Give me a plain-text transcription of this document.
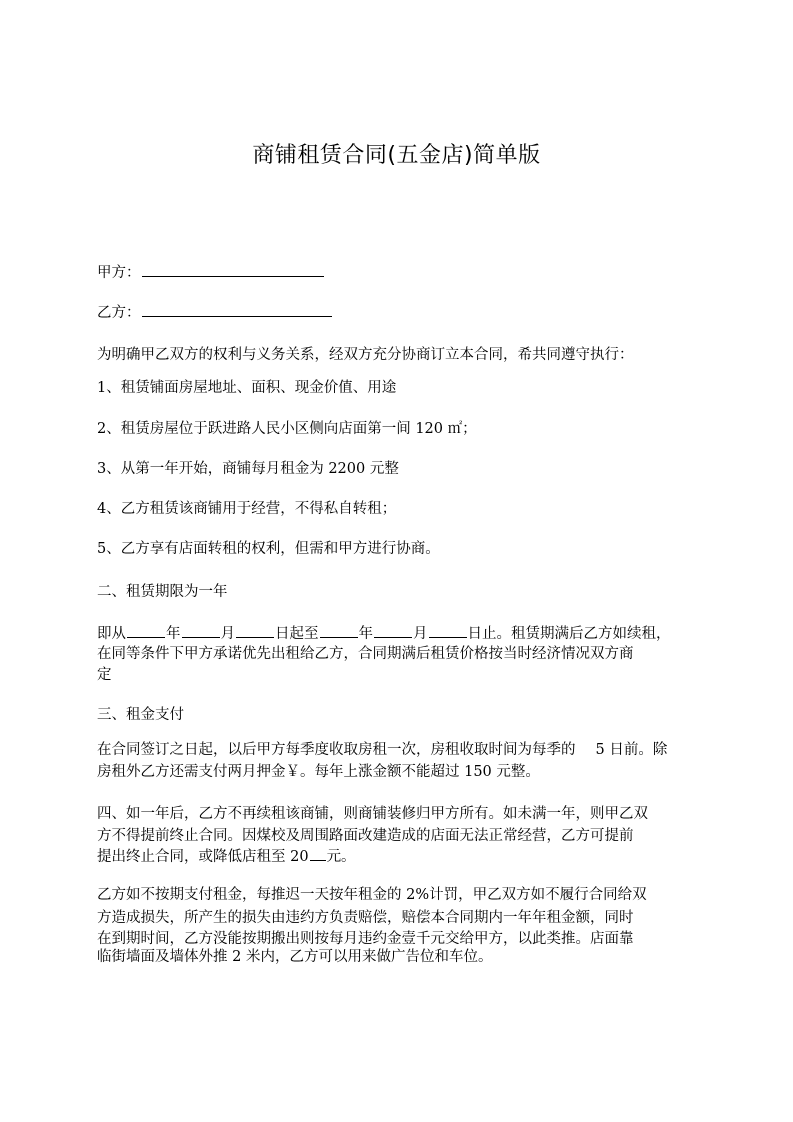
商铺租赁合同(五金店)简单版
甲方：
乙方：
为明确甲乙双方的权利与义务关系，经双方充分协商订立本合同，希共同遵守执行：
1、租赁铺面房屋地址、面积、现金价值、用途
2、租赁房屋位于跃进路人民小区侧向店面第一间 120 ㎡；
3、从第一年开始，商铺每月租金为 2200 元整
4、乙方租赁该商铺用于经营，不得私自转租；
5、乙方享有店面转租的权利，但需和甲方进行协商。
二、租赁期限为一年
即从	年	月	日起至	年	月	日止。租赁期满后乙方如续租，
在同等条件下甲方承诺优先出租给乙方，合同期满后租赁价格按当时经济情况双方商
定
三、租金支付
在合同签订之日起，以后甲方每季度收取房租一次，房租收取时间为每季的 5 日前。除
房租外乙方还需支付两月押金￥。每年上涨金额不能超过 150 元整。
四、如一年后，乙方不再续租该商铺，则商铺装修归甲方所有。如未满一年，则甲乙双
方不得提前终止合同。因煤校及周围路面改建造成的店面无法正常经营，乙方可提前
提出终止合同，或降低店租至 20 元。
乙方如不按期支付租金，每推迟一天按年租金的 2%计罚，甲乙双方如不履行合同给双
方造成损失，所产生的损失由违约方负责赔偿，赔偿本合同期内一年年租金额，同时
在到期时间，乙方没能按期搬出则按每月违约金壹千元交给甲方，以此类推。店面靠
临街墙面及墙体外推 2 米内，乙方可以用来做广告位和车位。
